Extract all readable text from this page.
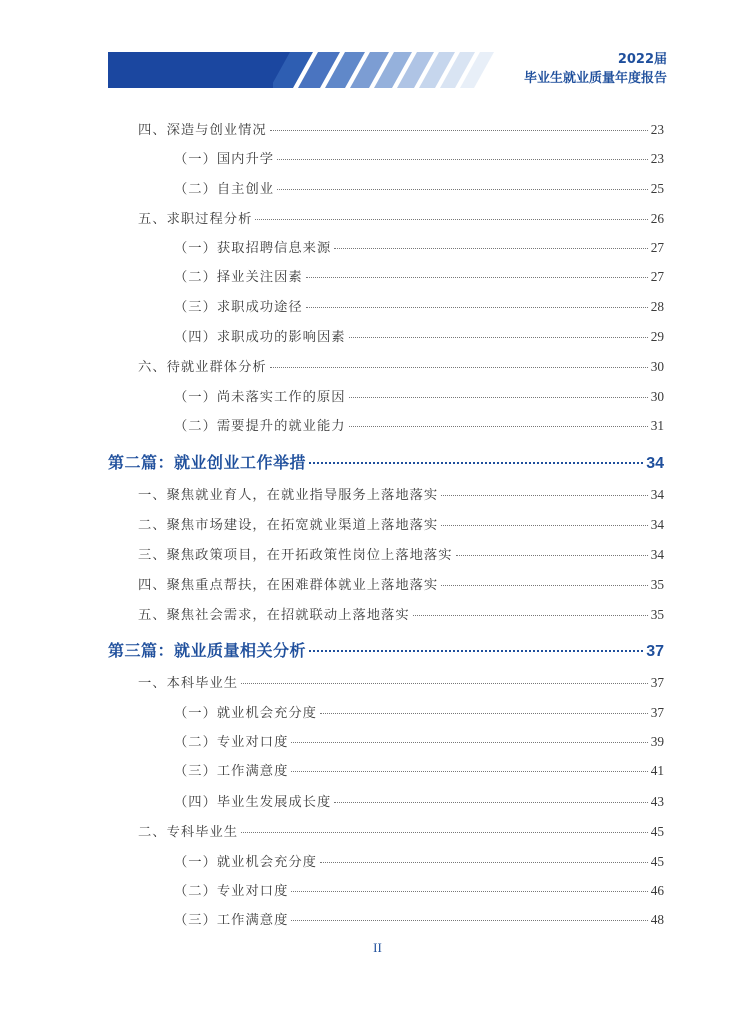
2022届
毕业生就业质量年度报告
四、深造与创业情况	23
（一）国内升学	23
（二）自主创业	25
五、求职过程分析	26
（一）获取招聘信息来源	27
（二）择业关注因素	27
（三）求职成功途径	28
（四）求职成功的影响因素	29
六、待就业群体分析	30
（一）尚未落实工作的原因	30
（二）需要提升的就业能力	31
第二篇：就业创业工作举措	34
一、聚焦就业育人，在就业指导服务上落地落实	34
二、聚焦市场建设，在拓宽就业渠道上落地落实	34
三、聚焦政策项目，在开拓政策性岗位上落地落实	34
四、聚焦重点帮扶，在困难群体就业上落地落实	35
五、聚焦社会需求，在招就联动上落地落实	35
第三篇：就业质量相关分析	37
一、本科毕业生	37
（一）就业机会充分度	37
（二）专业对口度	39
（三）工作满意度	41
（四）毕业生发展成长度	43
二、专科毕业生	45
（一）就业机会充分度	45
（二）专业对口度	46
（三）工作满意度	48
II
